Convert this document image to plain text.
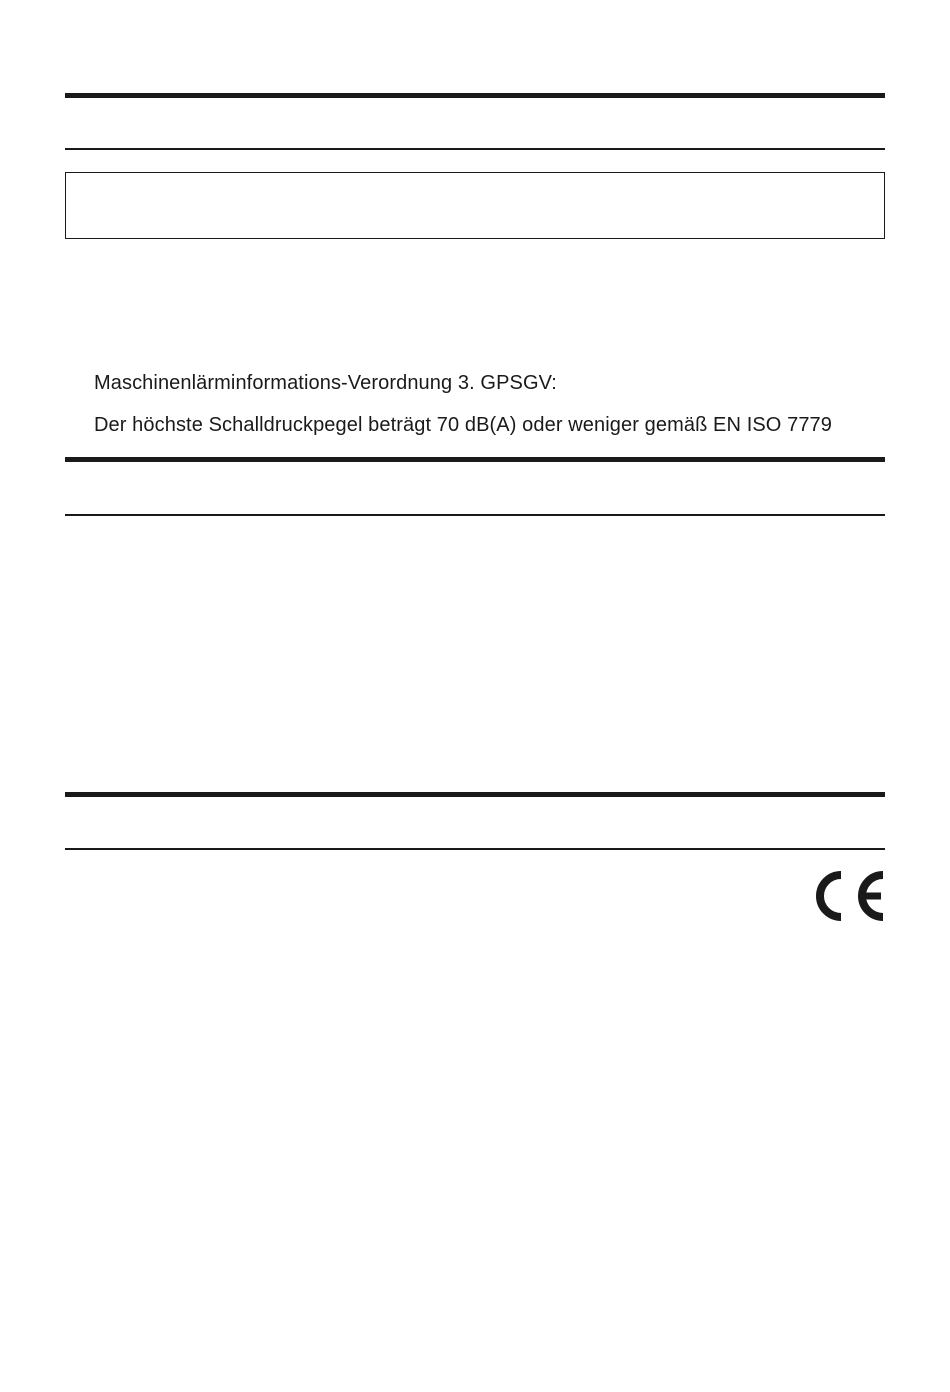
Maschinenlärminformations-Verordnung 3. GPSGV:
Der höchste Schalldruckpegel beträgt 70 dB(A) oder weniger gemäß EN ISO 7779
